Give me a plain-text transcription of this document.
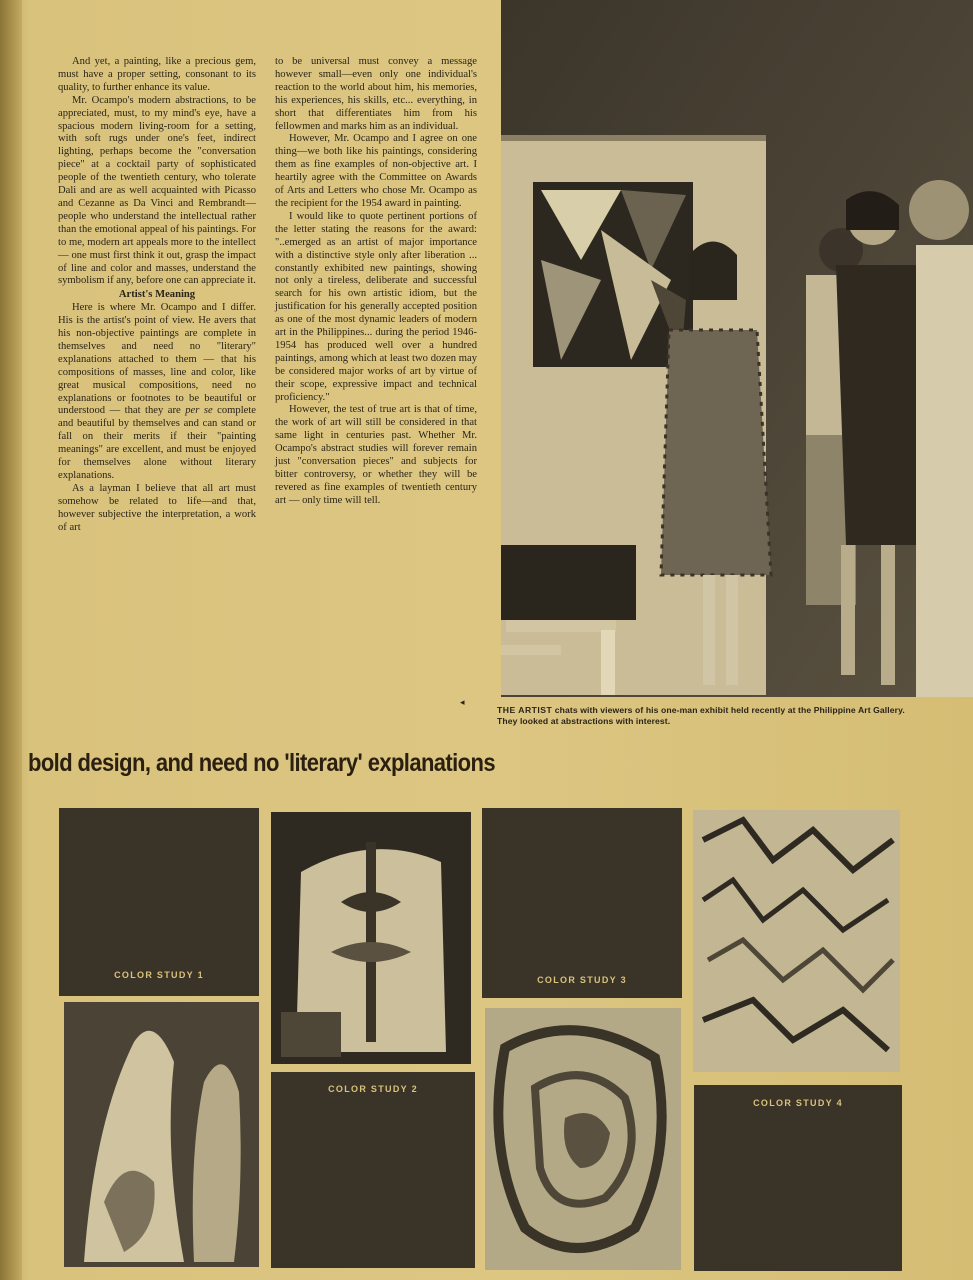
And yet, a painting, like a precious gem, must have a proper setting, consonant to its quality, to further enhance its value.

Mr. Ocampo's modern abstractions, to be appreciated, must, to my mind's eye, have a spacious modern living-room for a setting, with soft rugs under one's feet, indirect lighting, perhaps become the "conversation piece" at a cocktail party of sophisticated people of the twentieth century, who tolerate Dali and are as well acquainted with Picasso and Cezanne as Da Vinci and Rembrandt—people who understand the intellectual rather than the emotional appeal of his paintings. For to me, modern art appeals more to the intellect — one must first think it out, grasp the impact of line and color and masses, understand the symbolism if any, before one can appreciate it.

Artist's Meaning

Here is where Mr. Ocampo and I differ. His is the artist's point of view. He avers that his non-objective paintings are complete in themselves and need no "literary" explanations attached to them — that his compositions of masses, line and color, like great musical compositions, need no explanations or footnotes to be beautiful or understood — that they are per se complete and beautiful by themselves and can stand or fall on their merits if their "painting meanings" are excellent, and must be enjoyed for themselves alone without literary explanations.

As a layman I believe that all art must somehow be related to life—and that, however subjective the interpretation, a work of art

to be universal must convey a message however small—even only one individual's reaction to the world about him, his memories, his experiences, his skills, etc... everything, in short that differentiates him from his fellowmen and marks him as an individual.

However, Mr. Ocampo and I agree on one thing—we both like his paintings, considering them as fine examples of non-objective art. I heartily agree with the Committee on Awards of Arts and Letters who chose Mr. Ocampo as the recipient for the 1954 award in painting.

I would like to quote pertinent portions of the letter stating the reasons for the award: "..emerged as an artist of major importance with a distinctive style only after liberation ... constantly exhibited new paintings, showing not only a tireless, deliberate and successful search for his own artistic idiom, but the justification for his generally accepted position as one of the most dynamic leaders of modern art in the Philippines... during the period 1946-1954 has produced well over a hundred paintings, among which at least two dozen may be considered major works of art by virtue of their scope, expressive impact and technical proficiency."

However, the test of true art is that of time, the work of art will still be considered in that same light in centuries past. Whether Mr. Ocampo's abstract studies will forever remain just "conversation pieces" and subjects for bitter controversy, or whether they will be revered as fine examples of twentieth century art — only time will tell.

◂
THE ARTIST chats with viewers of his one-man exhibit held recently at the Philippine Art Gallery. They looked at abstractions with interest.
bold design, and need no 'literary' explanations
COLOR STUDY 1
COLOR STUDY 2
COLOR STUDY 3
COLOR STUDY 4
